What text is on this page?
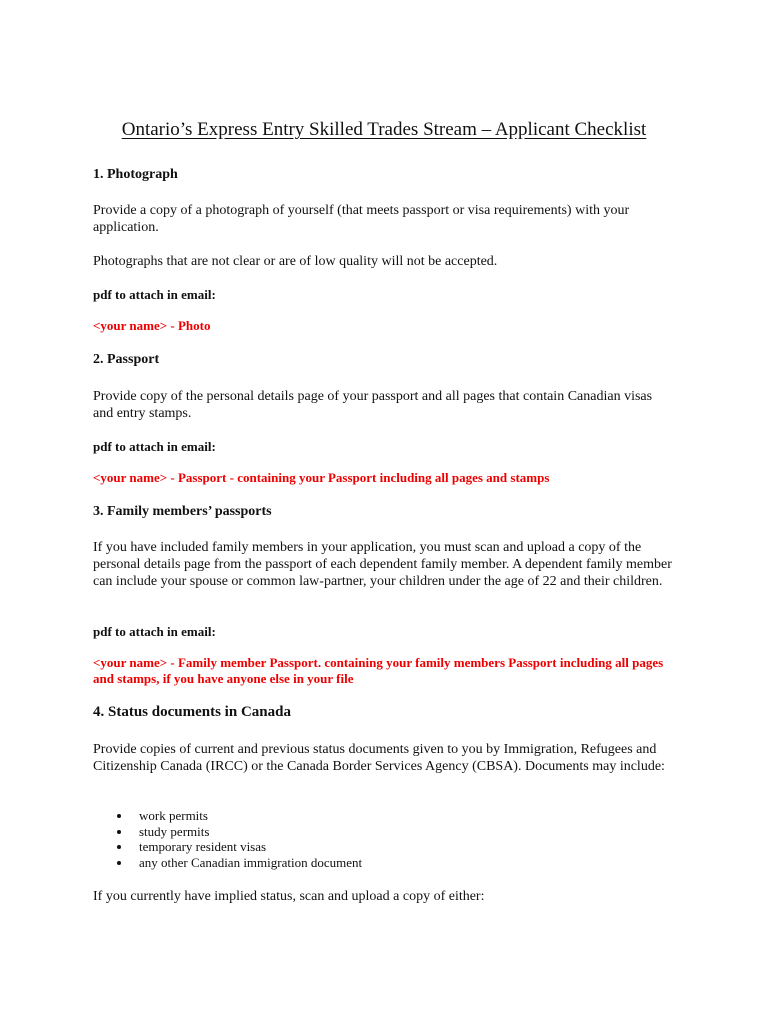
Ontario’s Express Entry Skilled Trades Stream – Applicant Checklist
1. Photograph
Provide a copy of a photograph of yourself (that meets passport or visa requirements) with your application.
Photographs that are not clear or are of low quality will not be accepted.
pdf to attach in email:
<your name> - Photo
2. Passport
Provide copy of the personal details page of your passport and all pages that contain Canadian visas and entry stamps.
pdf to attach in email:
<your name> - Passport - containing your Passport including all pages and stamps
3. Family members’ passports
If you have included family members in your application, you must scan and upload a copy of the personal details page from the passport of each dependent family member. A dependent family member can include your spouse or common law-partner, your children under the age of 22 and their children.
pdf to attach in email:
<your name> - Family member Passport. containing your family members Passport including all pages and stamps, if you have anyone else in your file
4. Status documents in Canada
Provide copies of current and previous status documents given to you by Immigration, Refugees and Citizenship Canada (IRCC) or the Canada Border Services Agency (CBSA). Documents may include:
work permits
study permits
temporary resident visas
any other Canadian immigration document
If you currently have implied status, scan and upload a copy of either:
